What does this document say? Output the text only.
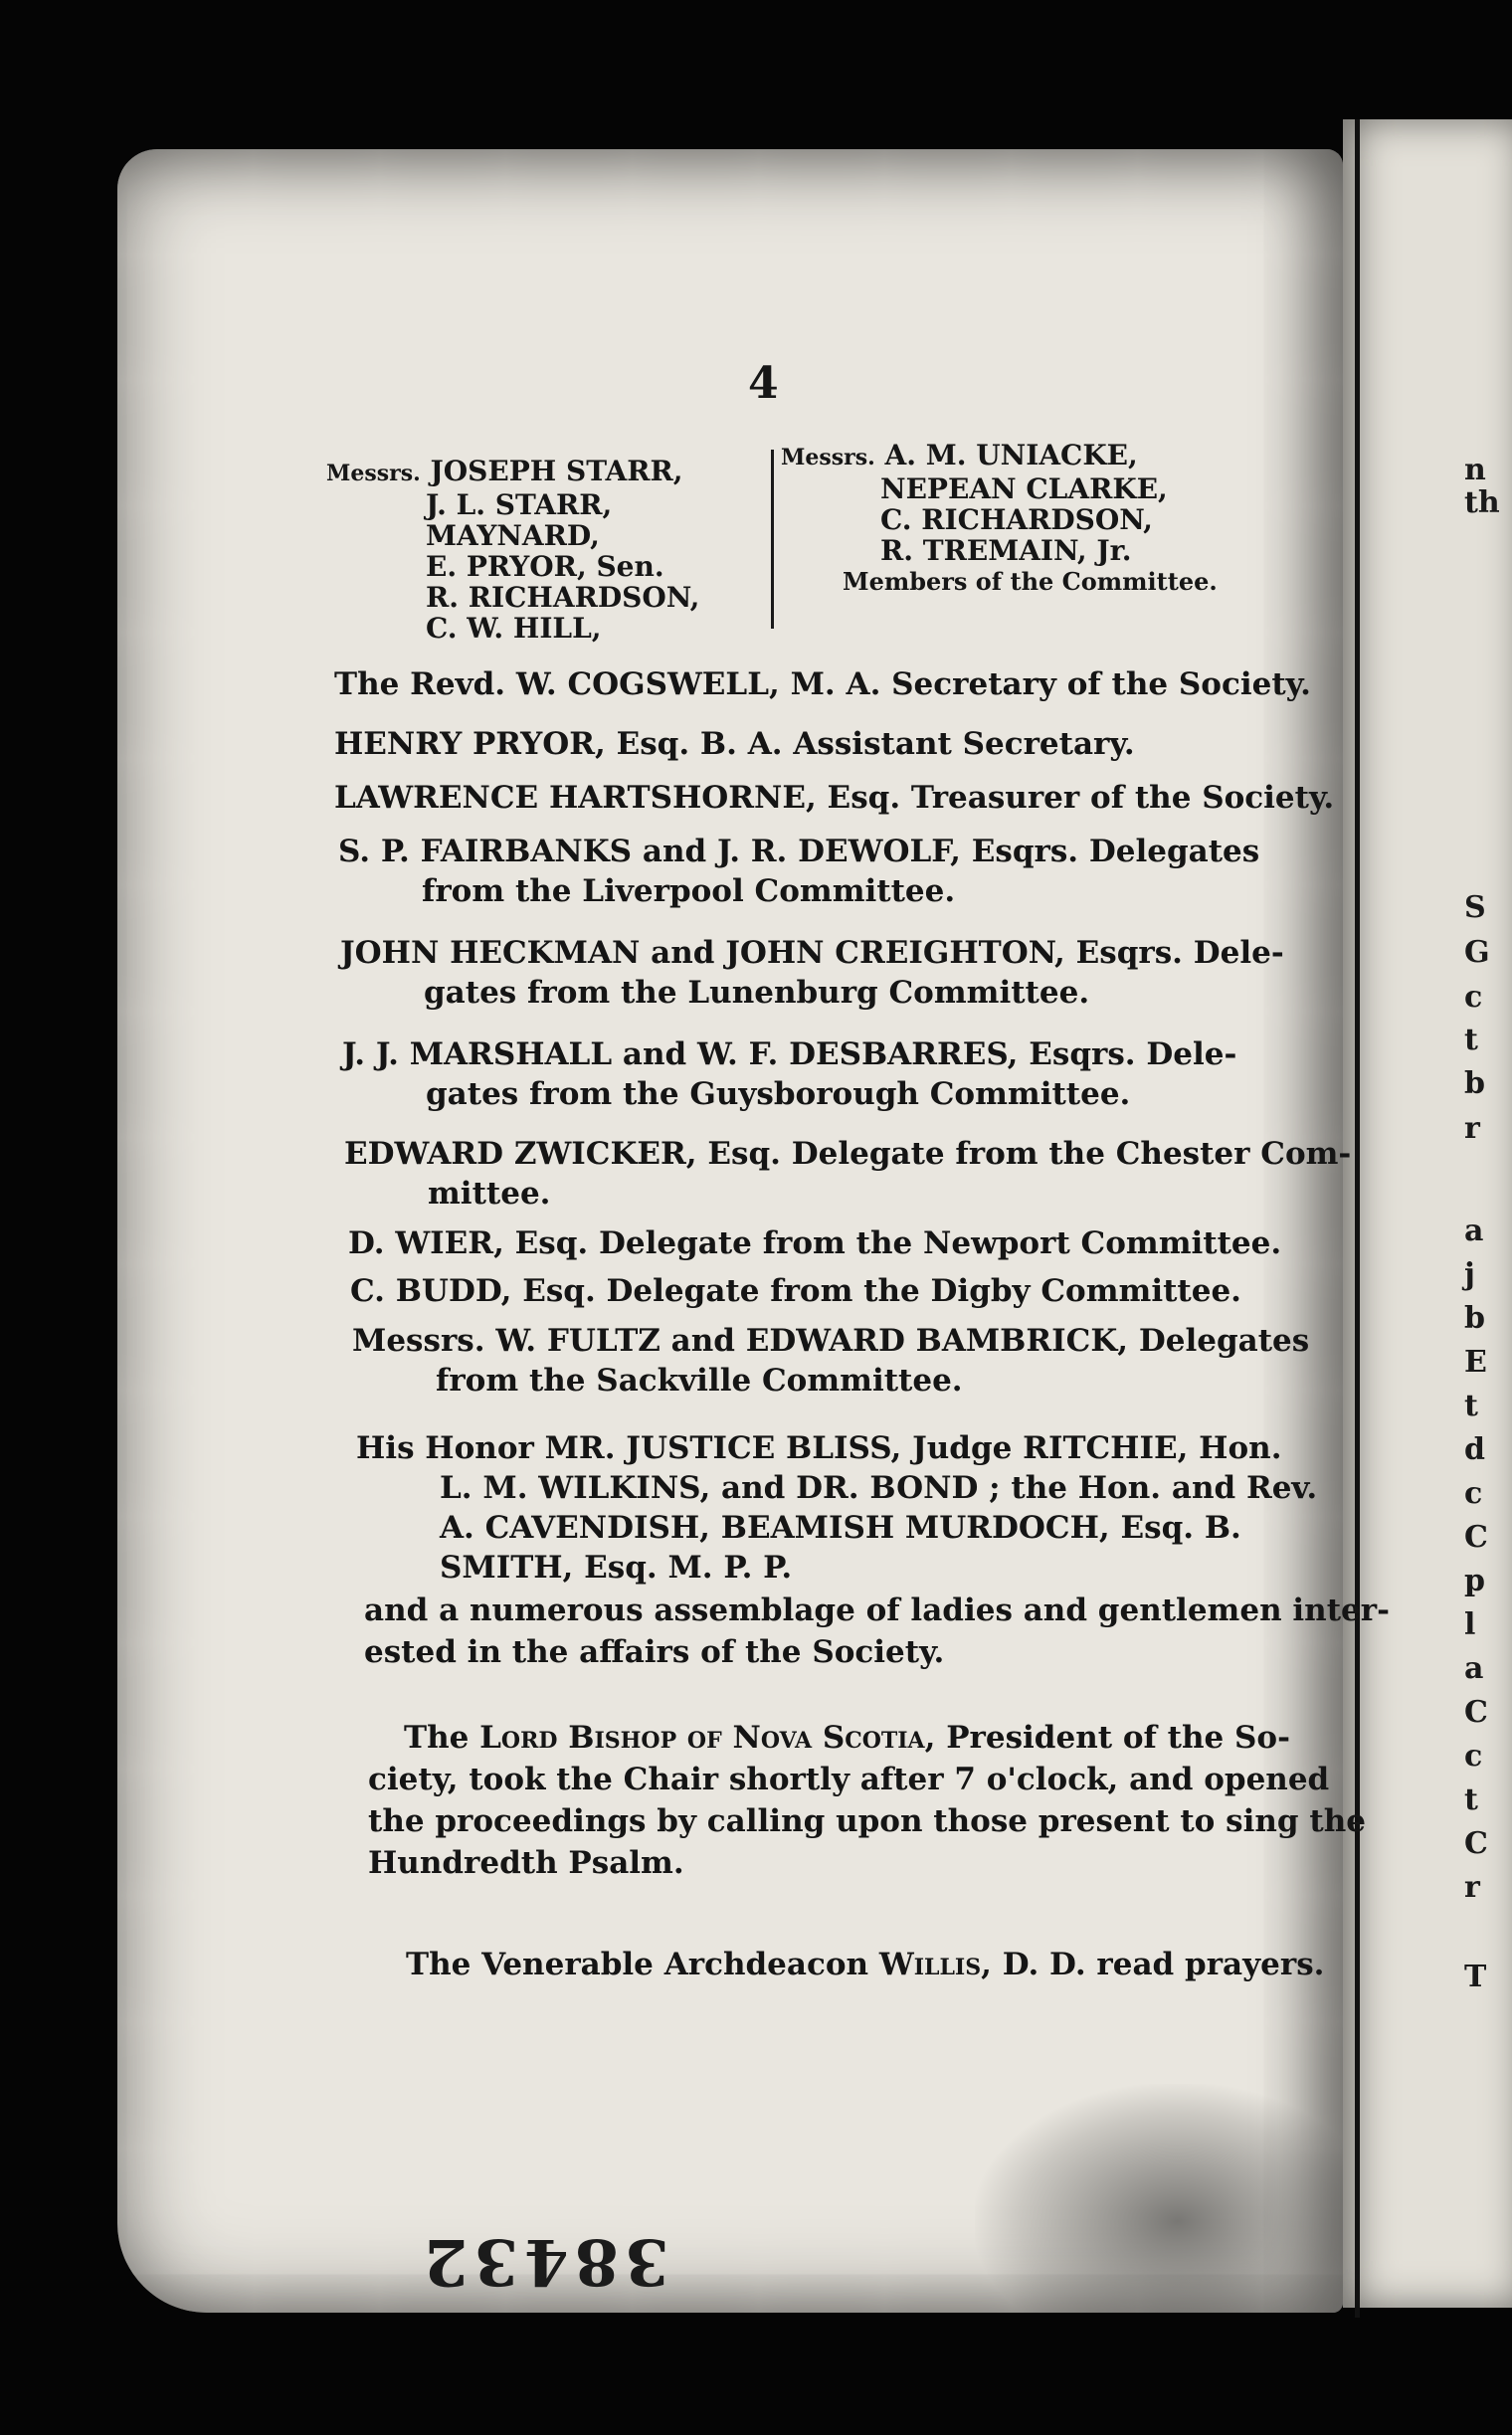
n
th
S
G
c
t
b
r
a
j
b
E
t
d
c
C
p
l
a
C
c
t
C
r
T
4
Messrs. JOSEPH STARR,
J. L. STARR,
MAYNARD,
E. PRYOR, Sen.
R. RICHARDSON,
C. W. HILL,
Messrs. A. M. UNIACKE,
NEPEAN CLARKE,
C. RICHARDSON,
R. TREMAIN, Jr.
Members of the Committee.
The Revd. W. COGSWELL, M. A. Secretary of the Society.
HENRY PRYOR, Esq. B. A. Assistant Secretary.
LAWRENCE HARTSHORNE, Esq. Treasurer of the Society.
S. P. FAIRBANKS and J. R. DEWOLF, Esqrs. Delegates
from the Liverpool Committee.
JOHN HECKMAN and JOHN CREIGHTON, Esqrs. Dele-
gates from the Lunenburg Committee.
J. J. MARSHALL and W. F. DESBARRES, Esqrs. Dele-
gates from the Guysborough Committee.
EDWARD ZWICKER, Esq. Delegate from the Chester Com-
mittee.
D. WIER, Esq. Delegate from the Newport Committee.
C. BUDD, Esq. Delegate from the Digby Committee.
Messrs. W. FULTZ and EDWARD BAMBRICK, Delegates
from the Sackville Committee.
His Honor MR. JUSTICE BLISS, Judge RITCHIE, Hon.
L. M. WILKINS, and DR. BOND ; the Hon. and Rev.
A. CAVENDISH, BEAMISH MURDOCH, Esq. B.
SMITH, Esq. M. P. P.
and a numerous assemblage of ladies and gentlemen inter-
ested in the affairs of the Society.
The Lord Bishop of Nova Scotia, President of the So-
ciety, took the Chair shortly after 7 o'clock, and opened
the proceedings by calling upon those present to sing the
Hundredth Psalm.
The Venerable Archdeacon Willis, D. D. read prayers.
38432
